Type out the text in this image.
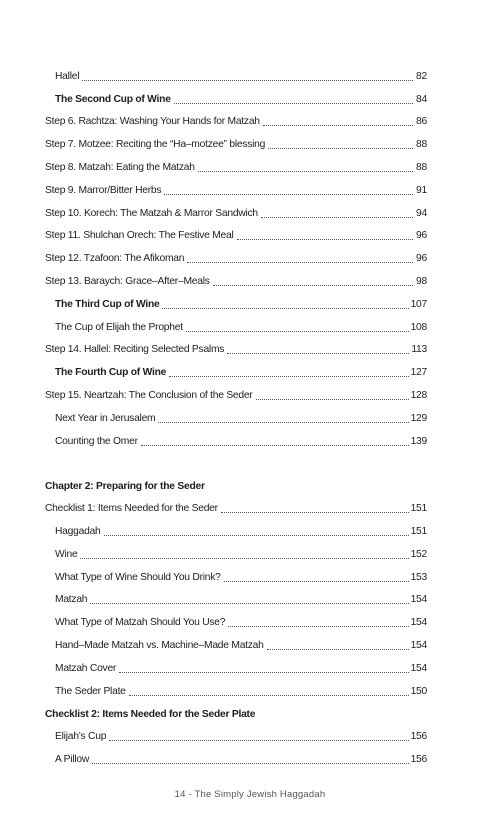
Hallel	82
The Second Cup of Wine	84
Step 6. Rachtza: Washing Your Hands for Matzah	86
Step 7. Motzee: Reciting the “Ha–motzee” blessing	88
Step 8. Matzah: Eating the Matzah	88
Step 9. Marror/Bitter Herbs	91
Step 10. Korech: The Matzah & Marror Sandwich	94
Step 11. Shulchan Orech: The Festive Meal	96
Step 12. Tzafoon: The Afikoman	96
Step 13. Baraych: Grace–After–Meals	98
The Third Cup of Wine	107
The Cup of Elijah the Prophet	108
Step 14. Hallel: Reciting Selected Psalms	113
The Fourth Cup of Wine	127
Step 15. Neartzah: The Conclusion of the Seder	128
Next Year in Jerusalem	129
Counting the Omer	139
Chapter 2: Preparing for the Seder
Checklist 1: Items Needed for the Seder	151
Haggadah	151
Wine	152
What Type of Wine Should You Drink?	153
Matzah	154
What Type of Matzah Should You Use?	154
Hand–Made Matzah vs. Machine–Made Matzah	154
Matzah Cover	154
The Seder Plate	150
Checklist 2: Items Needed for the Seder Plate
Elijah’s Cup	156
A Pillow	156
14 - The Simply Jewish Haggadah
